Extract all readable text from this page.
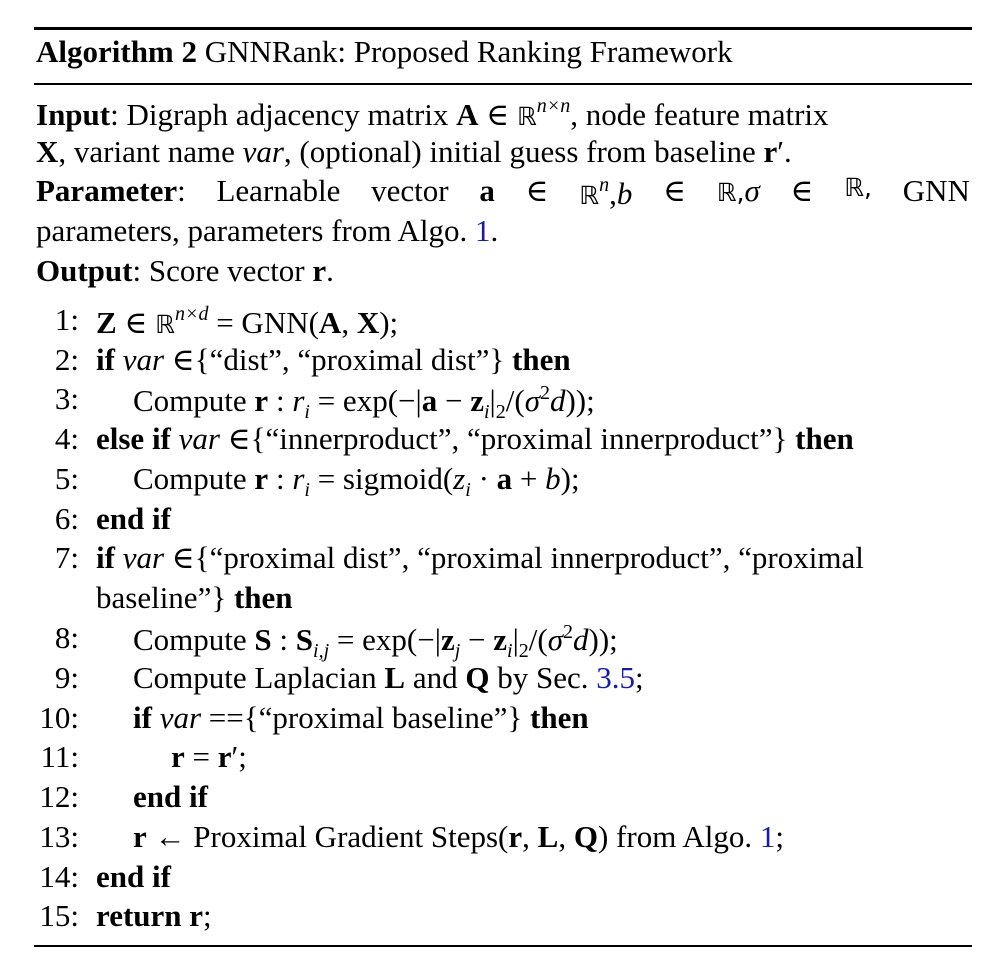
Algorithm 2 GNNRank: Proposed Ranking Framework
Input: Digraph adjacency matrix A ∈ ℝ$^{n\times n}$, node feature matrix
X, variant name var, (optional) initial guess from baseline r′.
Parameter: Learnable vector a ∈ ℝ$^n$,b ∈ ℝ,σ ∈ ℝ, GNN
parameters, parameters from Algo. 1.
Output: Score vector r.
1: Z ∈ ℝ$^{n\times d}$ = GNN(A, X);
2: if var ∈{“dist”, “proximal dist”} then
3: Compute r : $r_i = \exp(-|a - z_i|_2/(\sigma^2d))$;
4: else if var ∈{“innerproduct”, “proximal innerproduct”} then
5: Compute r : $r_i$ = $sigmoid(z_i \cdot a + b)$;
6: end if
7: if var ∈{“proximal dist”, “proximal innerproduct”, “proximal
baseline”} then
8: Compute S : $S_{i,j} = \exp(-|z_j - z_i|_2/(\sigma^2d))$;
9: Compute Laplacian L and Q by Sec. 3.5;
10: if var =={“proximal baseline”} then
11:	r = r′;
12: end if
13: r ← Proximal Gradient Steps(r, L, Q) from Algo. 1;
14: end if
15: return r;
